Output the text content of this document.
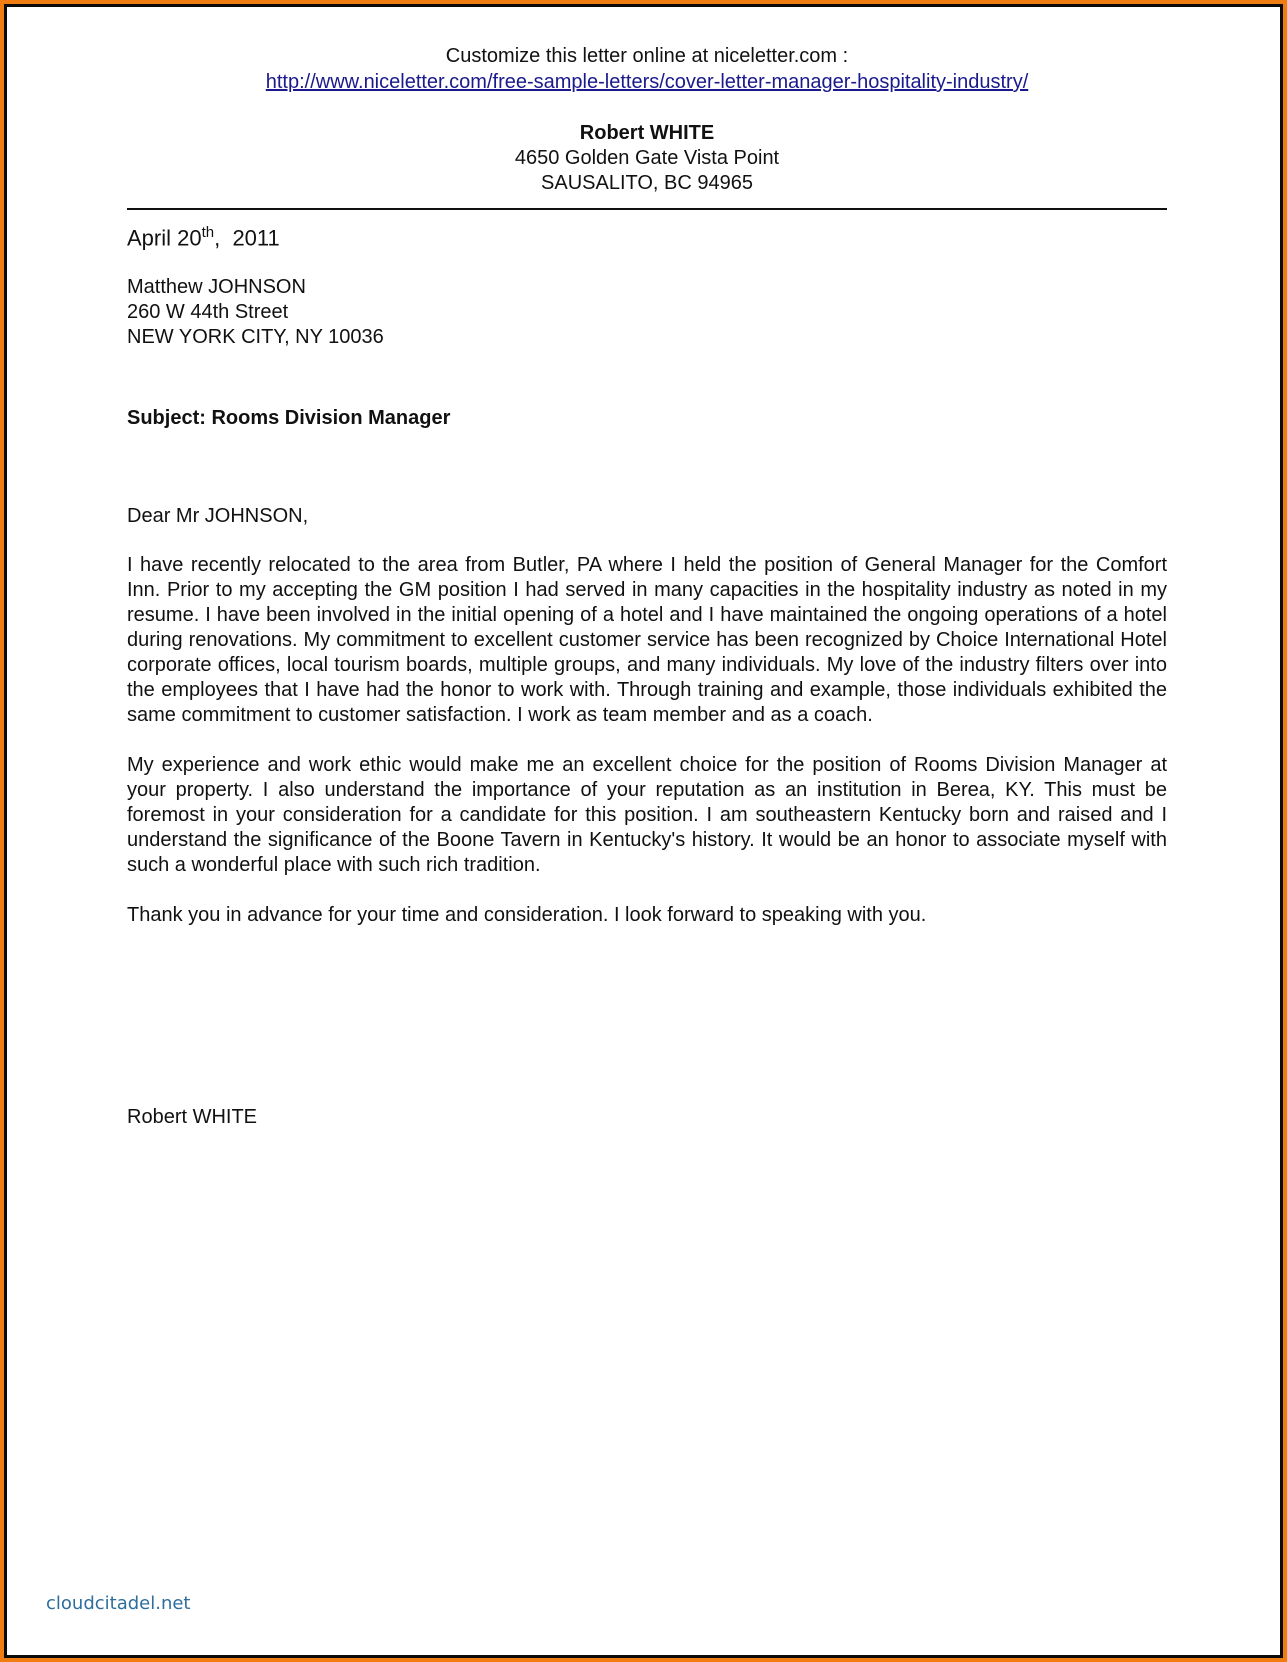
Customize this letter online at niceletter.com :
http://www.niceletter.com/free-sample-letters/cover-letter-manager-hospitality-industry/
Robert WHITE
4650 Golden Gate Vista Point
SAUSALITO, BC 94965
April 20th,  2011
Matthew JOHNSON
260 W 44th Street
NEW YORK CITY, NY 10036
Subject: Rooms Division Manager
Dear Mr JOHNSON,
I have recently relocated to the area from Butler, PA where I held the position of General Manager for the Comfort Inn. Prior to my accepting the GM position I had served in many capacities in the hospitality industry as noted in my resume. I have been involved in the initial opening of a hotel and I have maintained the ongoing operations of a hotel during renovations. My commitment to excellent customer service has been recognized by Choice International Hotel corporate offices, local tourism boards, multiple groups, and many individuals. My love of the industry filters over into the employees that I have had the honor to work with. Through training and example, those individuals exhibited the same commitment to customer satisfaction. I work as team member and as a coach.
My experience and work ethic would make me an excellent choice for the position of Rooms Division Manager at your property. I also understand the importance of your reputation as an institution in Berea, KY. This must be foremost in your consideration for a candidate for this position. I am southeastern Kentucky born and raised and I understand the significance of the Boone Tavern in Kentucky's history. It would be an honor to associate myself with such a wonderful place with such rich tradition.
Thank you in advance for your time and consideration. I look forward to speaking with you.
Robert WHITE
cloudcitadel.net
